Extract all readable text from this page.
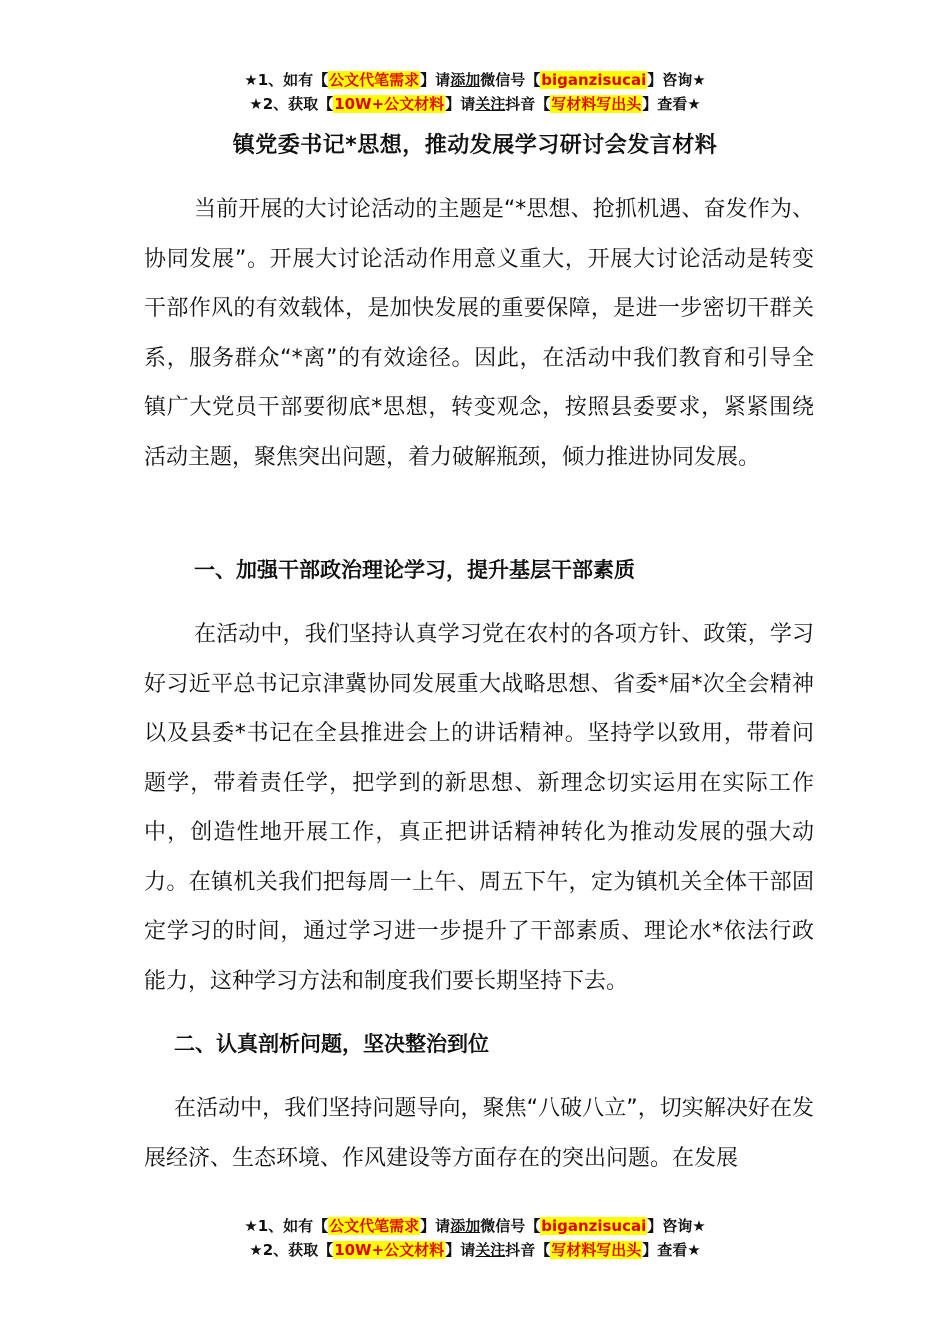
★1、如有【公文代笔需求】请添加微信号【biganzisucai】咨询★
★2、获取【10W+公文材料】请关注抖音【写材料写出头】查看★
镇党委书记*思想，推动发展学习研讨会发言材料

当前开展的大讨论活动的主题是“*思想、抢抓机遇、奋发作为、协同发展”。开展大讨论活动作用意义重大，开展大讨论活动是转变干部作风的有效载体，是加快发展的重要保障，是进一步密切干群关系，服务群众“*离”的有效途径。因此，在活动中我们教育和引导全镇广大党员干部要彻底*思想，转变观念，按照县委要求，紧紧围绕活动主题，聚焦突出问题，着力破解瓶颈，倾力推进协同发展。

一、加强干部政治理论学习，提升基层干部素质

在活动中，我们坚持认真学习党在农村的各项方针、政策，学习好习近平总书记京津冀协同发展重大战略思想、省委*届*次全会精神以及县委*书记在全县推进会上的讲话精神。坚持学以致用，带着问题学，带着责任学，把学到的新思想、新理念切实运用在实际工作中，创造性地开展工作，真正把讲话精神转化为推动发展的强大动力。在镇机关我们把每周一上午、周五下午，定为镇机关全体干部固定学习的时间，通过学习进一步提升了干部素质、理论水*依法行政能力，这种学习方法和制度我们要长期坚持下去。

二、认真剖析问题，坚决整治到位

在活动中，我们坚持问题导向，聚焦“八破八立”，切实解决好在发展经济、生态环境、作风建设等方面存在的突出问题。在发展

★1、如有【公文代笔需求】请添加微信号【biganzisucai】咨询★
★2、获取【10W+公文材料】请关注抖音【写材料写出头】查看★
